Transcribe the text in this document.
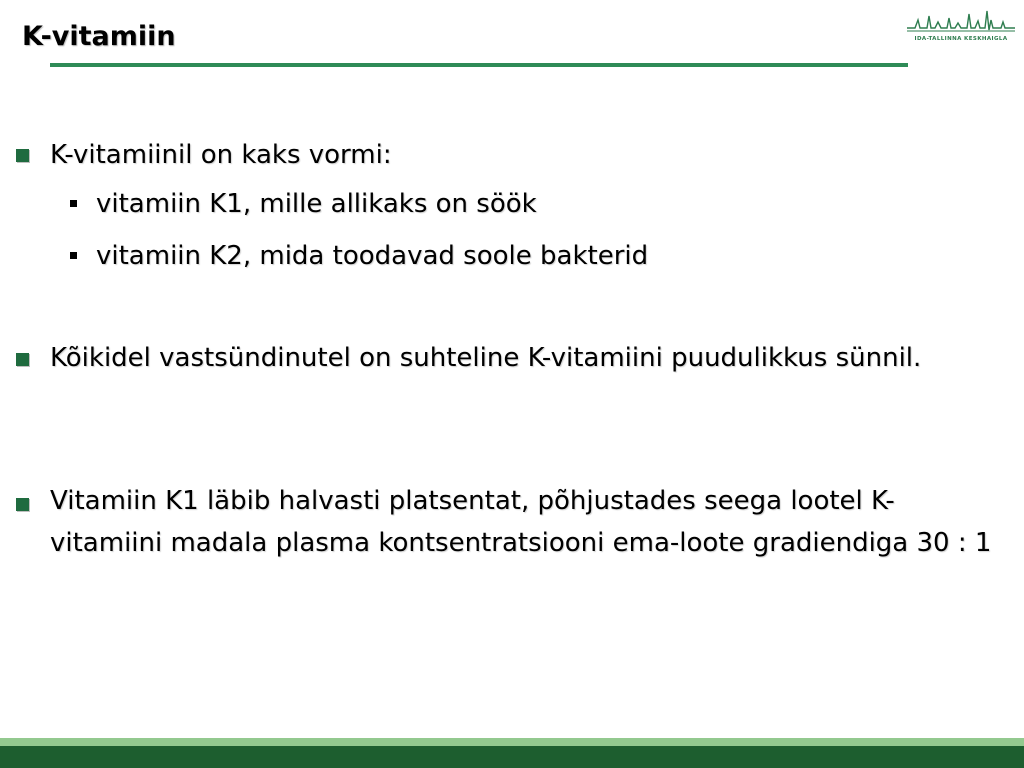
K-vitamiin	IDA-TALLINNA KESKHAIGLA
K-vitamiinil on kaks vormi:
vitamiin K1, mille allikaks on söök
vitamiin K2, mida toodavad soole bakterid
Kõikidel vastsündinutel on suhteline K-vitamiini puudulikkus sünnil.
Vitamiin K1 läbib halvasti platsentat, põhjustades seega lootel K-vitamiini madala plasma kontsentratsiooni ema-loote gradiendiga 30 : 1
